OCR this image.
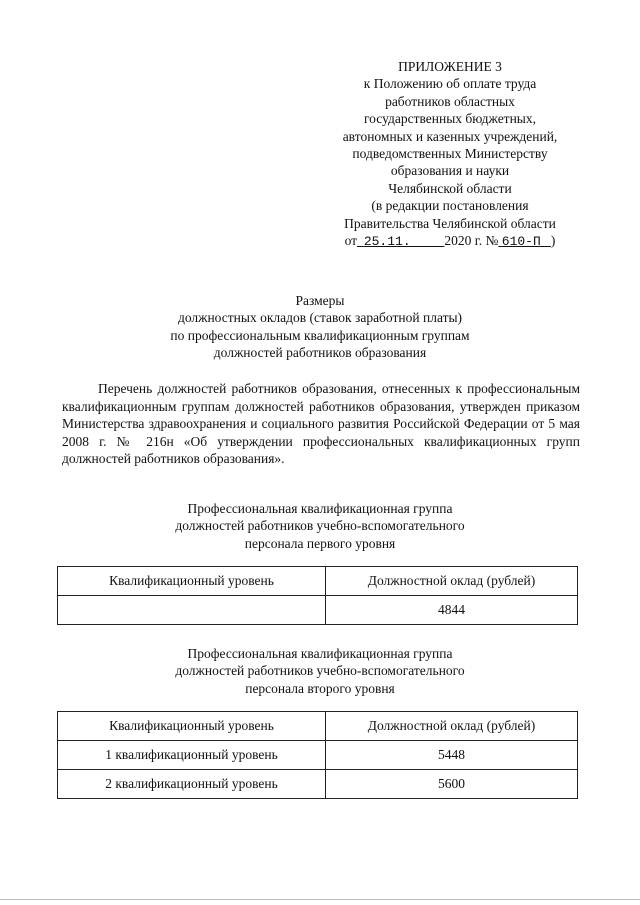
ПРИЛОЖЕНИЕ 3
к Положению об оплате труда
работников областных
государственных бюджетных,
автономных и казенных учреждений,
подведомственных Министерству
образования и науки
Челябинской области
(в редакции постановления
Правительства Челябинской области
от 25.11.	2020 г. № 610-П )
Размеры
должностных окладов (ставок заработной платы)
по профессиональным квалификационным группам
должностей работников образования
Перечень должностей работников образования, отнесенных к профессиональным квалификационным группам должностей работников образования, утвержден приказом Министерства здравоохранения и социального развития Российской Федерации от 5 мая 2008 г. № 216н «Об утверждении профессиональных квалификационных групп должностей работников образования».
Профессиональная квалификационная группа
должностей работников учебно-вспомогательного
персонала первого уровня
Квалификационный уровень	Должностной оклад (рублей)
	4844
Профессиональная квалификационная группа
должностей работников учебно-вспомогательного
персонала второго уровня
Квалификационный уровень	Должностной оклад (рублей)
1 квалификационный уровень	5448
2 квалификационный уровень	5600
